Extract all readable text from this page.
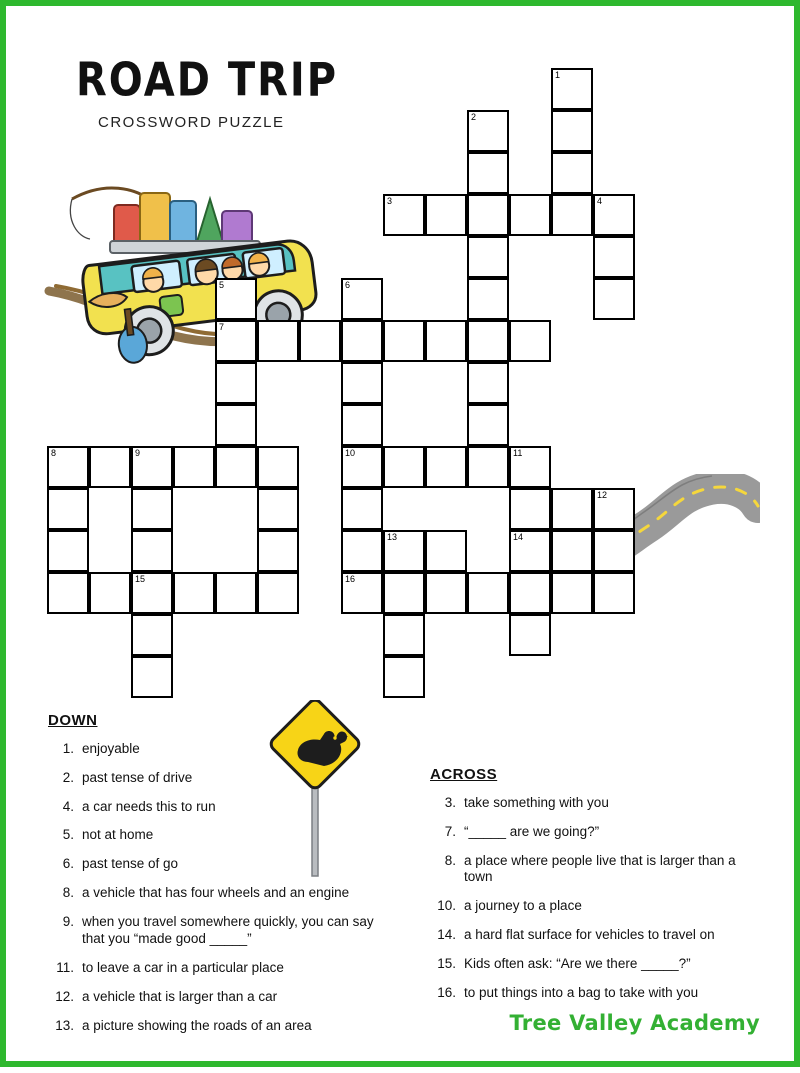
ROAD TRIP
CROSSWORD PUZZLE
1
2
3	4
5	6
7
8	9	10	11
12
13	14
15	16
DOWN
1. enjoyable
2. past tense of drive
4. a car needs this to run
5. not at home
6. past tense of go
8. a vehicle that has four wheels and an engine
9. when you travel somewhere quickly, you can say that you “made good _____”
11. to leave a car in a particular place
12. a vehicle that is larger than a car
13. a picture showing the roads of an area
ACROSS
3. take something with you
7. “_____ are we going?”
8. a place where people live that is larger than a town
10. a journey to a place
14. a hard flat surface for vehicles to travel on
15. Kids often ask: “Are we there _____?”
16. to put things into a bag to take with you
Tree Valley Academy
